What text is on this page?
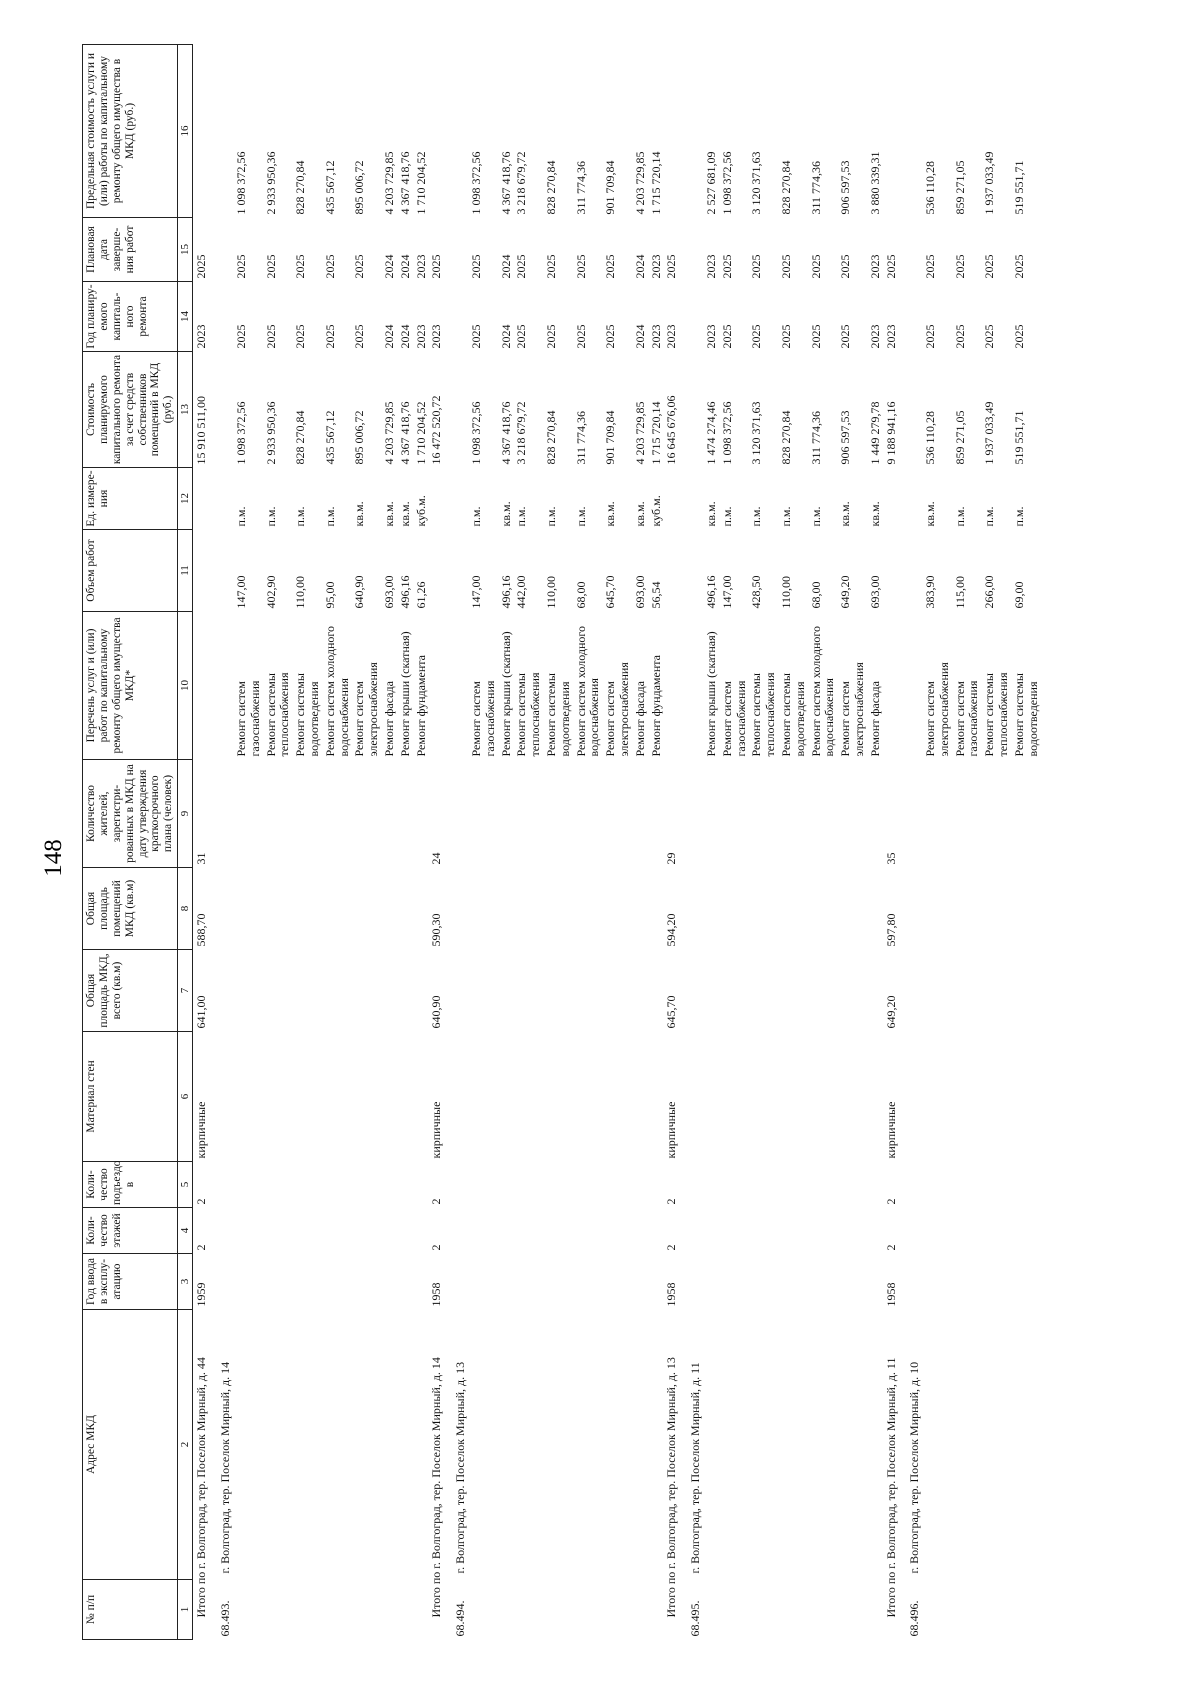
148
№ п/п	Адрес МКД	Год ввода в эксплу-атацию	Коли-чество этажей	Коли-чество подъездо в	Материал стен	Общая площадь МКД, всего (кв.м)	Общая площадь помещений МКД (кв.м)	Количество жителей, зарегистри-рованных в МКД на дату утверждения краткосрочного плана (человек)	Перечень услуг и (или) работ по капитальному ремонту общего имущества МКД*	Объем работ	Ед. измере-ния	Стоимость планируемого капитального ремонта за счет средств собственников помещений в МКД (руб.)	Год планиру-емого капиталь-ного ремонта	Плановая дата заверше-ния работ	Предельная стоимость услуги и (или) работы по капитальному ремонту общего имущества в МКД (руб.)
1	2	3	4	5	6	7	8	9	10	11	12	13	14	15	16
Итого по г. Волгоград, тер. Поселок Мирный, д. 44		1959	2	2	кирпичные	641,00	588,70	31				15 910 511,00	2023	2025	
68.493.	г. Волгоград, тер. Поселок Мирный, д. 14														
									Ремонт систем газоснабжения	147,00	п.м.	1 098 372,56	2025	2025	1 098 372,56
									Ремонт системы теплоснабжения	402,90	п.м.	2 933 950,36	2025	2025	2 933 950,36
									Ремонт системы водоотведения	110,00	п.м.	828 270,84	2025	2025	828 270,84
									Ремонт систем холодного водоснабжения	95,00	п.м.	435 567,12	2025	2025	435 567,12
									Ремонт систем электроснабжения	640,90	кв.м.	895 006,72	2025	2025	895 006,72
									Ремонт фасада	693,00	кв.м.	4 203 729,85	2024	2024	4 203 729,85
									Ремонт крыши (скатная)	496,16	кв.м.	4 367 418,76	2024	2024	4 367 418,76
									Ремонт фундамента	61,26	куб.м.	1 710 204,52	2023	2023	1 710 204,52
Итого по г. Волгоград, тер. Поселок Мирный, д. 14		1958	2	2	кирпичные	640,90	590,30	24				16 472 520,72	2023	2025	
68.494.	г. Волгоград, тер. Поселок Мирный, д. 13														
									Ремонт систем газоснабжения	147,00	п.м.	1 098 372,56	2025	2025	1 098 372,56
									Ремонт крыши (скатная)	496,16	кв.м.	4 367 418,76	2024	2024	4 367 418,76
									Ремонт системы теплоснабжения	442,00	п.м.	3 218 679,72	2025	2025	3 218 679,72
									Ремонт системы водоотведения	110,00	п.м.	828 270,84	2025	2025	828 270,84
									Ремонт систем холодного водоснабжения	68,00	п.м.	311 774,36	2025	2025	311 774,36
									Ремонт систем электроснабжения	645,70	кв.м.	901 709,84	2025	2025	901 709,84
									Ремонт фасада	693,00	кв.м.	4 203 729,85	2024	2024	4 203 729,85
									Ремонт фундамента	56,54	куб.м.	1 715 720,14	2023	2023	1 715 720,14
Итого по г. Волгоград, тер. Поселок Мирный, д. 13		1958	2	2	кирпичные	645,70	594,20	29				16 645 676,06	2023	2025	
68.495.	г. Волгоград, тер. Поселок Мирный, д. 11														
									Ремонт крыши (скатная)	496,16	кв.м.	1 474 274,46	2023	2023	2 527 681,09
									Ремонт систем газоснабжения	147,00	п.м.	1 098 372,56	2025	2025	1 098 372,56
									Ремонт системы теплоснабжения	428,50	п.м.	3 120 371,63	2025	2025	3 120 371,63
									Ремонт системы водоотведения	110,00	п.м.	828 270,84	2025	2025	828 270,84
									Ремонт систем холодного водоснабжения	68,00	п.м.	311 774,36	2025	2025	311 774,36
									Ремонт систем электроснабжения	649,20	кв.м.	906 597,53	2025	2025	906 597,53
									Ремонт фасада	693,00	кв.м.	1 449 279,78	2023	2023	3 880 339,31
Итого по г. Волгоград, тер. Поселок Мирный, д. 11		1958	2	2	кирпичные	649,20	597,80	35				9 188 941,16	2023	2025	
68.496.	г. Волгоград, тер. Поселок Мирный, д. 10														
									Ремонт систем электроснабжения	383,90	кв.м.	536 110,28	2025	2025	536 110,28
									Ремонт систем газоснабжения	115,00	п.м.	859 271,05	2025	2025	859 271,05
									Ремонт системы теплоснабжения	266,00	п.м.	1 937 033,49	2025	2025	1 937 033,49
									Ремонт системы водоотведения	69,00	п.м.	519 551,71	2025	2025	519 551,71
